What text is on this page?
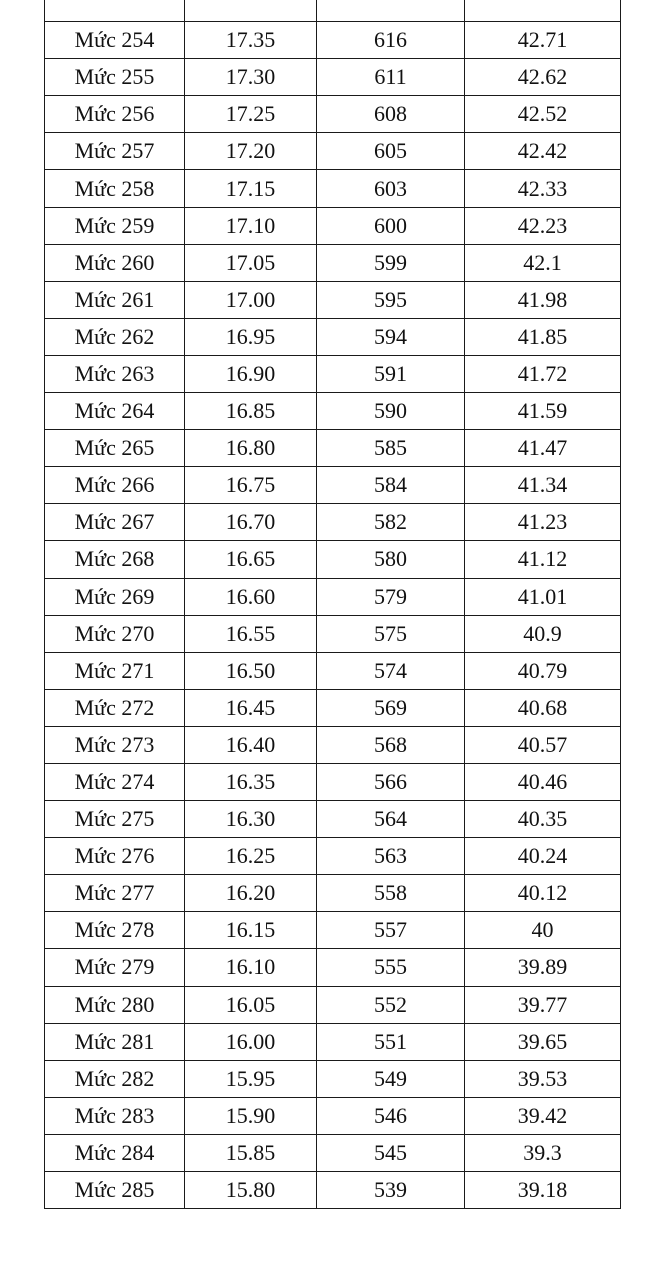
Mức 254	17.35	616	42.71
Mức 255	17.30	611	42.62
Mức 256	17.25	608	42.52
Mức 257	17.20	605	42.42
Mức 258	17.15	603	42.33
Mức 259	17.10	600	42.23
Mức 260	17.05	599	42.1
Mức 261	17.00	595	41.98
Mức 262	16.95	594	41.85
Mức 263	16.90	591	41.72
Mức 264	16.85	590	41.59
Mức 265	16.80	585	41.47
Mức 266	16.75	584	41.34
Mức 267	16.70	582	41.23
Mức 268	16.65	580	41.12
Mức 269	16.60	579	41.01
Mức 270	16.55	575	40.9
Mức 271	16.50	574	40.79
Mức 272	16.45	569	40.68
Mức 273	16.40	568	40.57
Mức 274	16.35	566	40.46
Mức 275	16.30	564	40.35
Mức 276	16.25	563	40.24
Mức 277	16.20	558	40.12
Mức 278	16.15	557	40
Mức 279	16.10	555	39.89
Mức 280	16.05	552	39.77
Mức 281	16.00	551	39.65
Mức 282	15.95	549	39.53
Mức 283	15.90	546	39.42
Mức 284	15.85	545	39.3
Mức 285	15.80	539	39.18
